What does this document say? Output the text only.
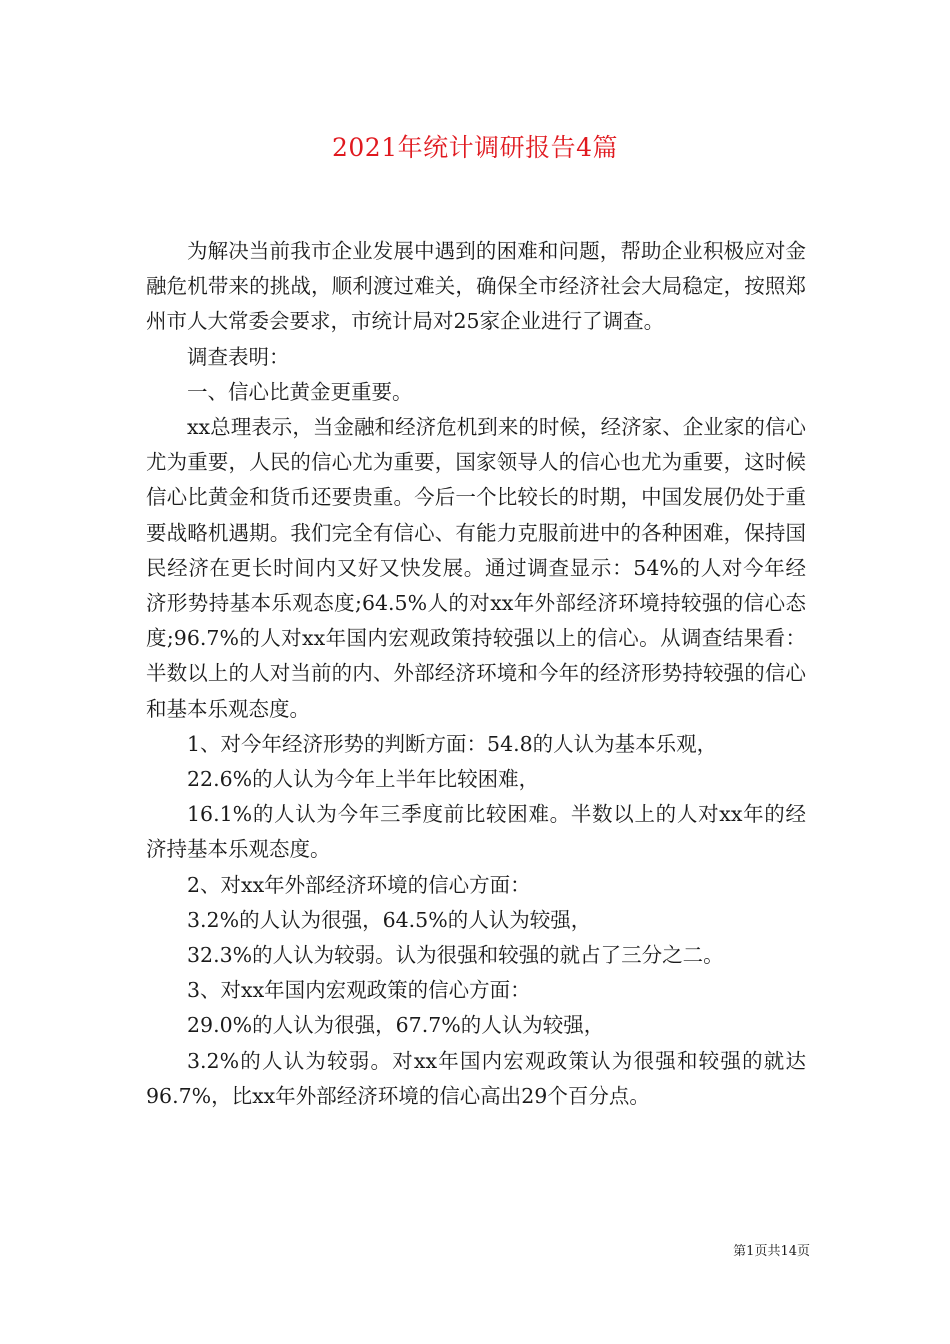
2021年统计调研报告4篇

为解决当前我市企业发展中遇到的困难和问题，帮助企业积极应对金融危机带来的挑战，顺利渡过难关，确保全市经济社会大局稳定，按照郑州市人大常委会要求，市统计局对25家企业进行了调查。

调查表明：

一、信心比黄金更重要。

xx总理表示，当金融和经济危机到来的时候，经济家、企业家的信心尤为重要，人民的信心尤为重要，国家领导人的信心也尤为重要，这时候信心比黄金和货币还要贵重。今后一个比较长的时期，中国发展仍处于重要战略机遇期。我们完全有信心、有能力克服前进中的各种困难，保持国民经济在更长时间内又好又快发展。通过调查显示：54%的人对今年经济形势持基本乐观态度;64.5%人的对xx年外部经济环境持较强的信心态度;96.7%的人对xx年国内宏观政策持较强以上的信心。从调查结果看：半数以上的人对当前的内、外部经济环境和今年的经济形势持较强的信心和基本乐观态度。

1、对今年经济形势的判断方面：54.8的人认为基本乐观，

22.6%的人认为今年上半年比较困难，

16.1%的人认为今年三季度前比较困难。半数以上的人对xx年的经济持基本乐观态度。

2、对xx年外部经济环境的信心方面：

3.2%的人认为很强，64.5%的人认为较强，

32.3%的人认为较弱。认为很强和较强的就占了三分之二。

3、对xx年国内宏观政策的信心方面：

29.0%的人认为很强，67.7%的人认为较强，

3.2%的人认为较弱。对xx年国内宏观政策认为很强和较强的就达96.7%，比xx年外部经济环境的信心高出29个百分点。

第1页共14页
